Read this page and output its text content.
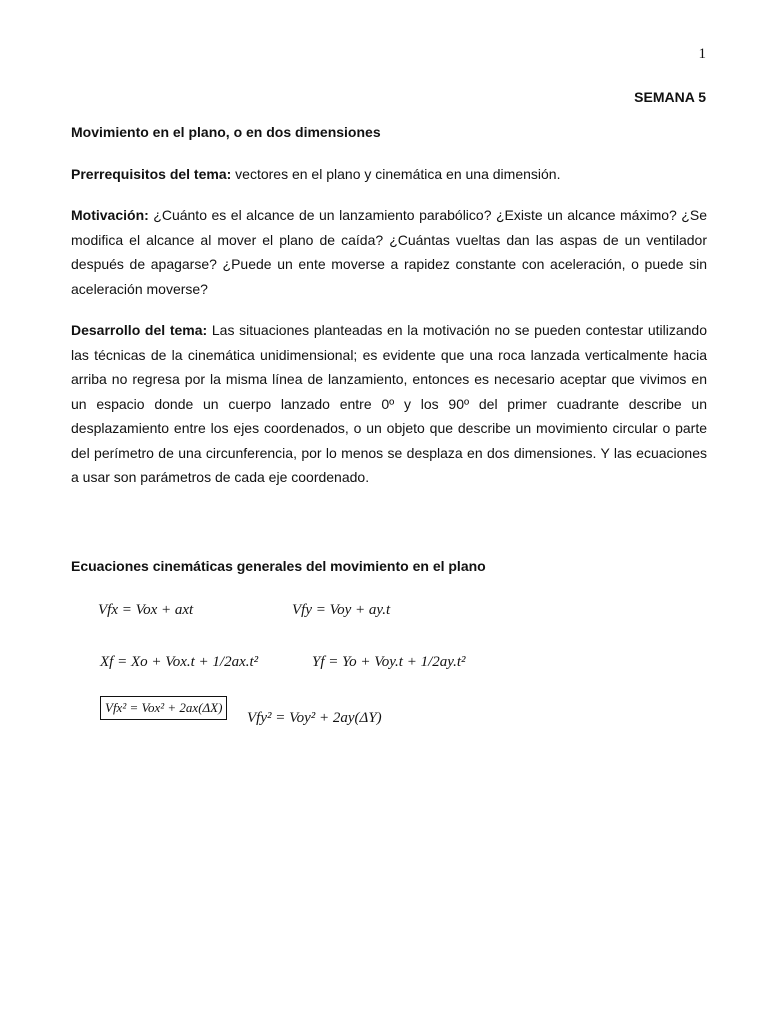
1
SEMANA 5
Movimiento en el plano, o en dos dimensiones
Prerrequisitos del tema: vectores en el plano y cinemática en una dimensión.
Motivación: ¿Cuánto es el alcance de un lanzamiento parabólico? ¿Existe un alcance máximo? ¿Se modifica el alcance al mover el plano de caída? ¿Cuántas vueltas dan las aspas de un ventilador después de apagarse? ¿Puede un ente moverse a rapidez constante con aceleración, o puede sin aceleración moverse?
Desarrollo del tema: Las situaciones planteadas en la motivación no se pueden contestar utilizando las técnicas de la cinemática unidimensional; es evidente que una roca lanzada verticalmente hacia arriba no regresa por la misma línea de lanzamiento, entonces es necesario aceptar que vivimos en un espacio donde un cuerpo lanzado entre 0º y los 90º del primer cuadrante describe un desplazamiento entre los ejes coordenados, o un objeto que describe un movimiento circular o parte del perímetro de una circunferencia, por lo menos se desplaza en dos dimensiones. Y las ecuaciones a usar son parámetros de cada eje coordenado.
Ecuaciones cinemáticas generales del movimiento en el plano
Vfx = Vox + axt	Vfy = Voy + ay.t
Xf = Xo + Vox.t + 1/2ax.t²	Yf = Yo + Voy.t + 1/2ay.t²
Vfx² = Vox² + 2ax(ΔX)
Vfy² = Voy² + 2ay(ΔY)
